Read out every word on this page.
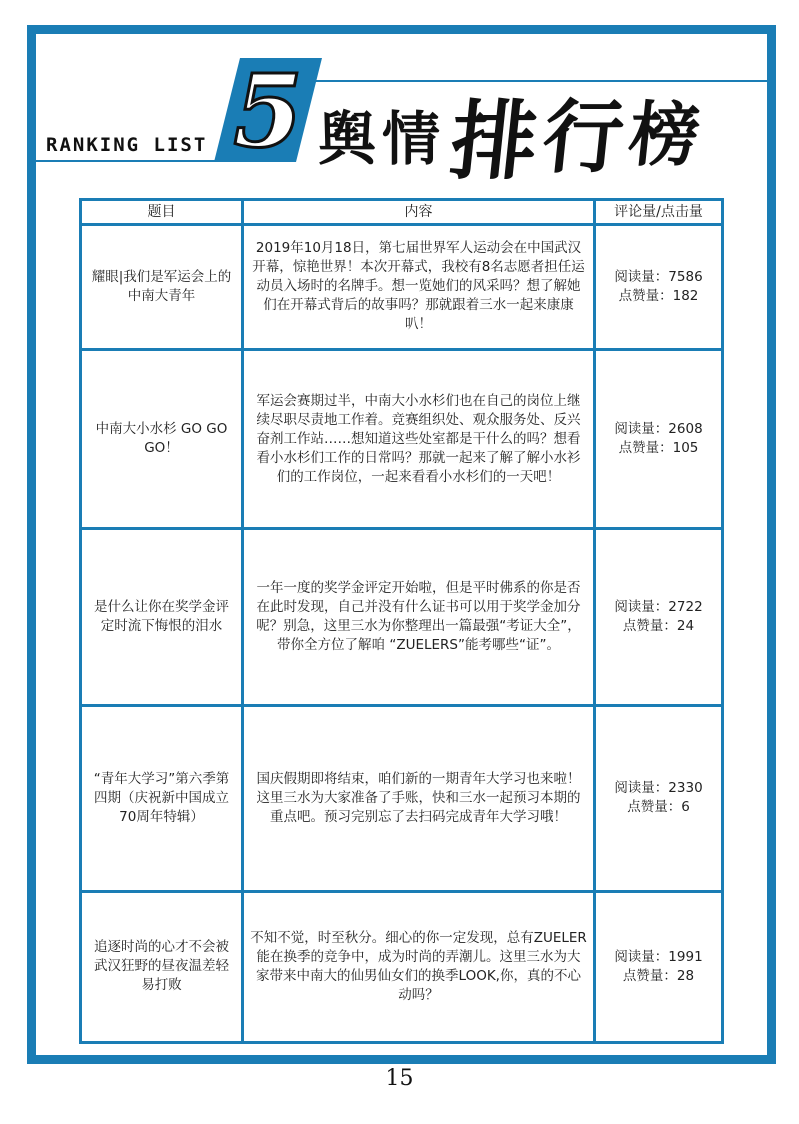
RANKING LIST 5 舆 情 排
行
榜
题目	内容	评论量/点击量
耀眼|我们是军运会上的中南大青年	2019年10月18日，第七届世界军人运动会在中国武汉开幕，惊艳世界！本次开幕式，我校有8名志愿者担任运动员入场时的名牌手。想一览她们的风采吗？想了解她们在开幕式背后的故事吗？那就跟着三水一起来康康叭！	阅读量：7586
点赞量：182

中南大小水杉 GO GO GO！	军运会赛期过半，中南大小水杉们也在自己的岗位上继续尽职尽责地工作着。竞赛组织处、观众服务处、反兴奋剂工作站……想知道这些处室都是干什么的吗？想看看小水杉们工作的日常吗？那就一起来了解了解小水衫们的工作岗位，一起来看看小水杉们的一天吧！	阅读量：2608
点赞量：105

是什么让你在奖学金评定时流下悔恨的泪水	一年一度的奖学金评定开始啦，但是平时佛系的你是否在此时发现，自己并没有什么证书可以用于奖学金加分呢？别急，这里三水为你整理出一篇最强“考证大全”，带你全方位了解咱 “ZUELERS”能考哪些“证”。	阅读量：2722
点赞量：24

“青年大学习”第六季第四期（庆祝新中国成立70周年特辑）	国庆假期即将结束，咱们新的一期青年大学习也来啦！这里三水为大家准备了手账，快和三水一起预习本期的重点吧。预习完别忘了去扫码完成青年大学习哦！	阅读量：2330
点赞量：6

追逐时尚的心才不会被武汉狂野的昼夜温差轻易打败	不知不觉，时至秋分。细心的你一定发现，总有ZUELER能在换季的竞争中，成为时尚的弄潮儿。这里三水为大家带来中南大的仙男仙女们的换季LOOK,你，真的不心动吗？	阅读量：1991
点赞量：28
15
